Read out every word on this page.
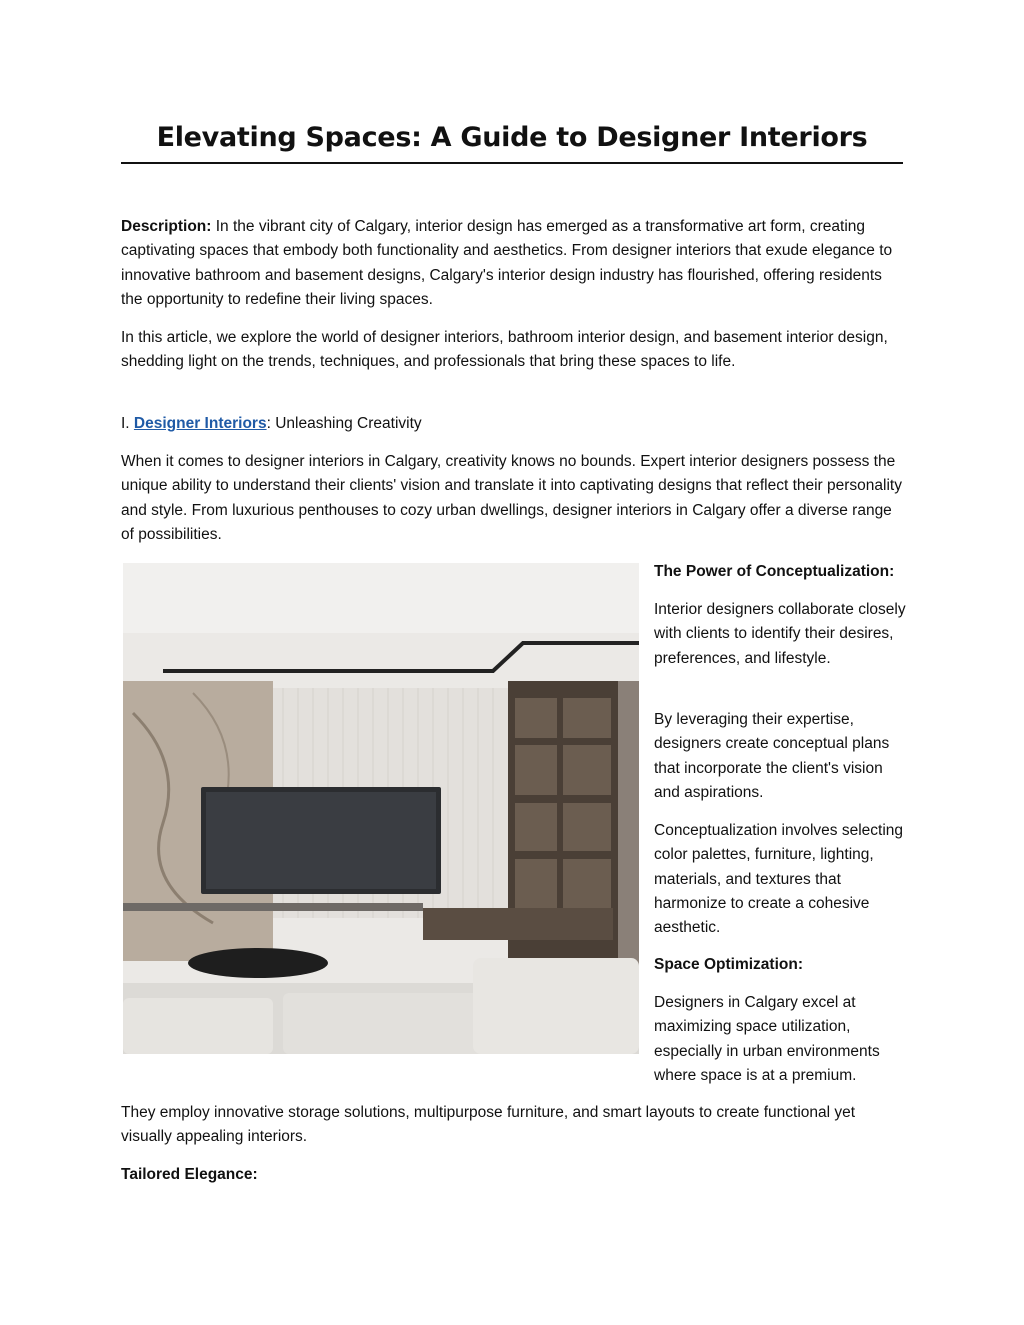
Elevating Spaces: A Guide to Designer Interiors

Description: In the vibrant city of Calgary, interior design has emerged as a transformative art form, creating captivating spaces that embody both functionality and aesthetics. From designer interiors that exude elegance to innovative bathroom and basement designs, Calgary's interior design industry has flourished, offering residents the opportunity to redefine their living spaces.

In this article, we explore the world of designer interiors, bathroom interior design, and basement interior design, shedding light on the trends, techniques, and professionals that bring these spaces to life.

I. Designer Interiors: Unleashing Creativity

When it comes to designer interiors in Calgary, creativity knows no bounds. Expert interior designers possess the unique ability to understand their clients' vision and translate it into captivating designs that reflect their personality and style. From luxurious penthouses to cozy urban dwellings, designer interiors in Calgary offer a diverse range of possibilities.

The Power of Conceptualization:

Interior designers collaborate closely with clients to identify their desires, preferences, and lifestyle.

By leveraging their expertise, designers create conceptual plans that incorporate the client's vision and aspirations.

Conceptualization involves selecting color palettes, furniture, lighting, materials, and textures that harmonize to create a cohesive aesthetic.

Space Optimization:

Designers in Calgary excel at maximizing space utilization, especially in urban environments where space is at a premium.

They employ innovative storage solutions, multipurpose furniture, and smart layouts to create functional yet visually appealing interiors.

Tailored Elegance:
